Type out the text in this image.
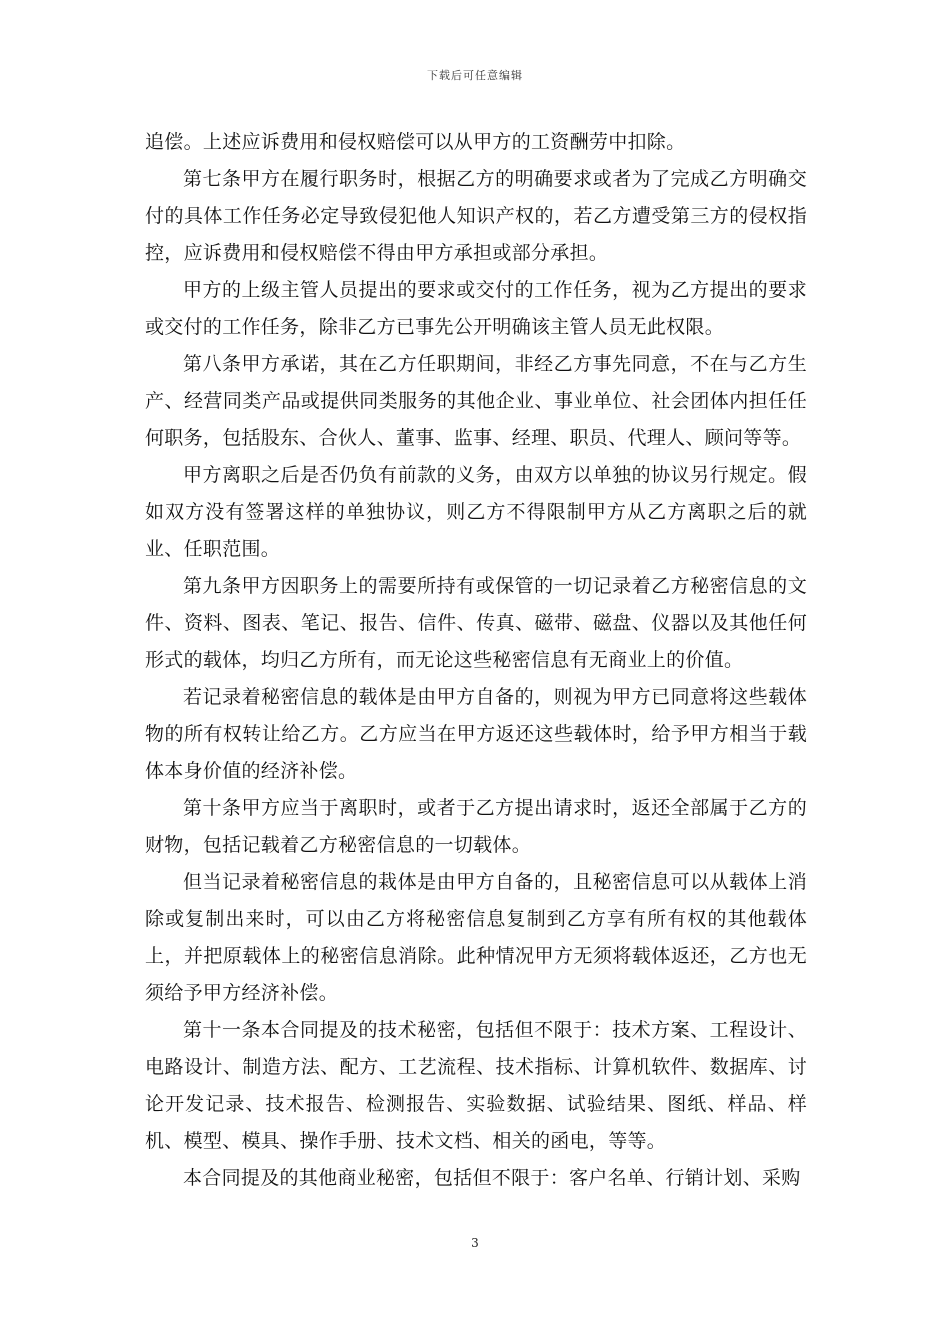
下载后可任意编辑

追偿。上述应诉费用和侵权赔偿可以从甲方的工资酬劳中扣除。

第七条甲方在履行职务时，根据乙方的明确要求或者为了完成乙方明确交付的具体工作任务必定导致侵犯他人知识产权的，若乙方遭受第三方的侵权指控，应诉费用和侵权赔偿不得由甲方承担或部分承担。

甲方的上级主管人员提出的要求或交付的工作任务，视为乙方提出的要求或交付的工作任务，除非乙方已事先公开明确该主管人员无此权限。

第八条甲方承诺，其在乙方任职期间，非经乙方事先同意，不在与乙方生产、经营同类产品或提供同类服务的其他企业、事业单位、社会团体内担任任何职务，包括股东、合伙人、董事、监事、经理、职员、代理人、顾问等等。

甲方离职之后是否仍负有前款的义务，由双方以单独的协议另行规定。假如双方没有签署这样的单独协议，则乙方不得限制甲方从乙方离职之后的就业、任职范围。

第九条甲方因职务上的需要所持有或保管的一切记录着乙方秘密信息的文件、资料、图表、笔记、报告、信件、传真、磁带、磁盘、仪器以及其他任何形式的载体，均归乙方所有，而无论这些秘密信息有无商业上的价值。

若记录着秘密信息的载体是由甲方自备的，则视为甲方已同意将这些载体物的所有权转让给乙方。乙方应当在甲方返还这些载体时，给予甲方相当于载体本身价值的经济补偿。

第十条甲方应当于离职时，或者于乙方提出请求时，返还全部属于乙方的财物，包括记载着乙方秘密信息的一切载体。

但当记录着秘密信息的栽体是由甲方自备的，且秘密信息可以从载体上消除或复制出来时，可以由乙方将秘密信息复制到乙方享有所有权的其他载体上，并把原载体上的秘密信息消除。此种情况甲方无须将载体返还，乙方也无须给予甲方经济补偿。

第十一条本合同提及的技术秘密，包括但不限于：技术方案、工程设计、电路设计、制造方法、配方、工艺流程、技术指标、计算机软件、数据库、讨论开发记录、技术报告、检测报告、实验数据、试验结果、图纸、样品、样机、模型、模具、操作手册、技术文档、相关的函电，等等。

本合同提及的其他商业秘密，包括但不限于：客户名单、行销计划、采购

3
